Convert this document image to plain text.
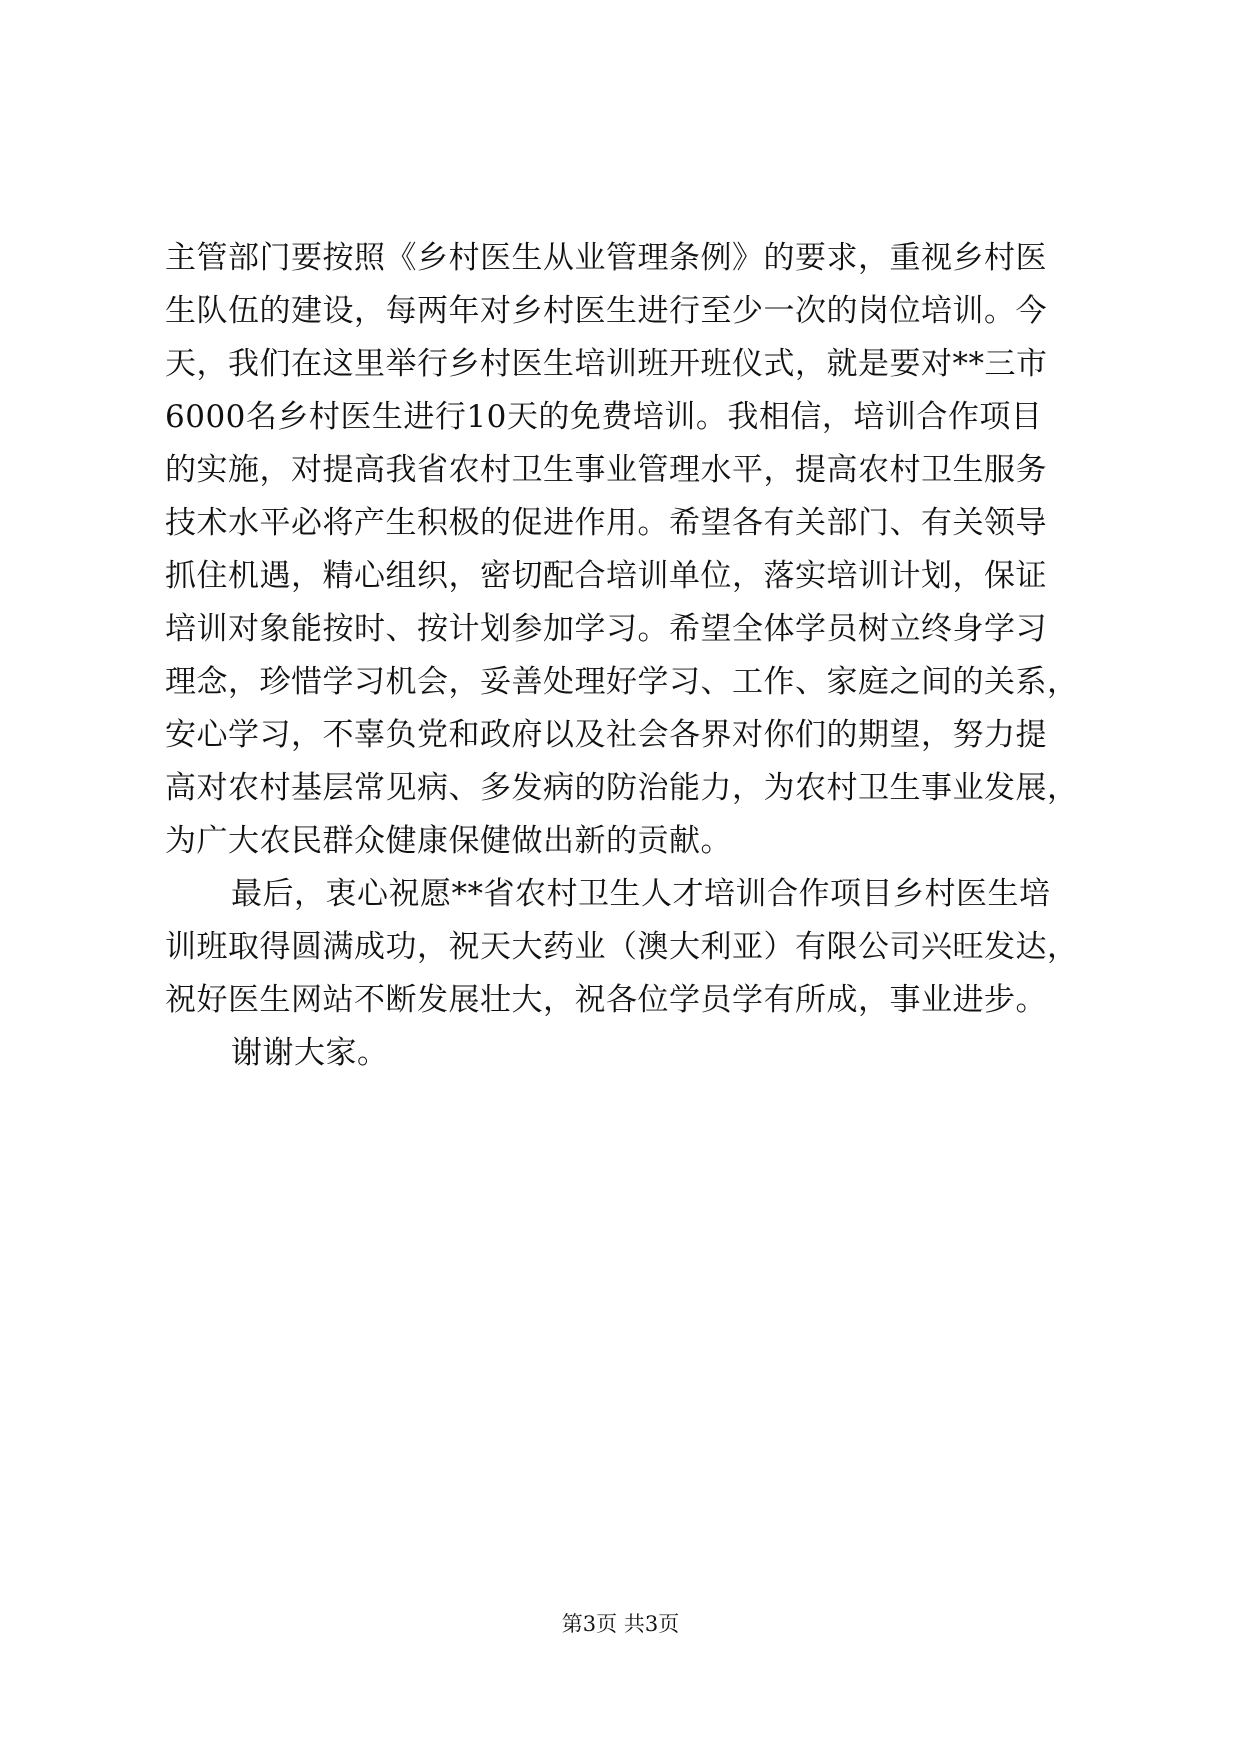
主管部门要按照《乡村医生从业管理条例》的要求，重视乡村医
生队伍的建设，每两年对乡村医生进行至少一次的岗位培训。今
天，我们在这里举行乡村医生培训班开班仪式，就是要对**三市
6000名乡村医生进行10天的免费培训。我相信，培训合作项目
的实施，对提高我省农村卫生事业管理水平，提高农村卫生服务
技术水平必将产生积极的促进作用。希望各有关部门、有关领导
抓住机遇，精心组织，密切配合培训单位，落实培训计划，保证
培训对象能按时、按计划参加学习。希望全体学员树立终身学习
理念，珍惜学习机会，妥善处理好学习、工作、家庭之间的关系，
安心学习，不辜负党和政府以及社会各界对你们的期望，努力提
高对农村基层常见病、多发病的防治能力，为农村卫生事业发展，
为广大农民群众健康保健做出新的贡献。
最后，衷心祝愿**省农村卫生人才培训合作项目乡村医生培
训班取得圆满成功，祝天大药业（澳大利亚）有限公司兴旺发达，
祝好医生网站不断发展壮大，祝各位学员学有所成，事业进步。
谢谢大家。
第3页 共3页
